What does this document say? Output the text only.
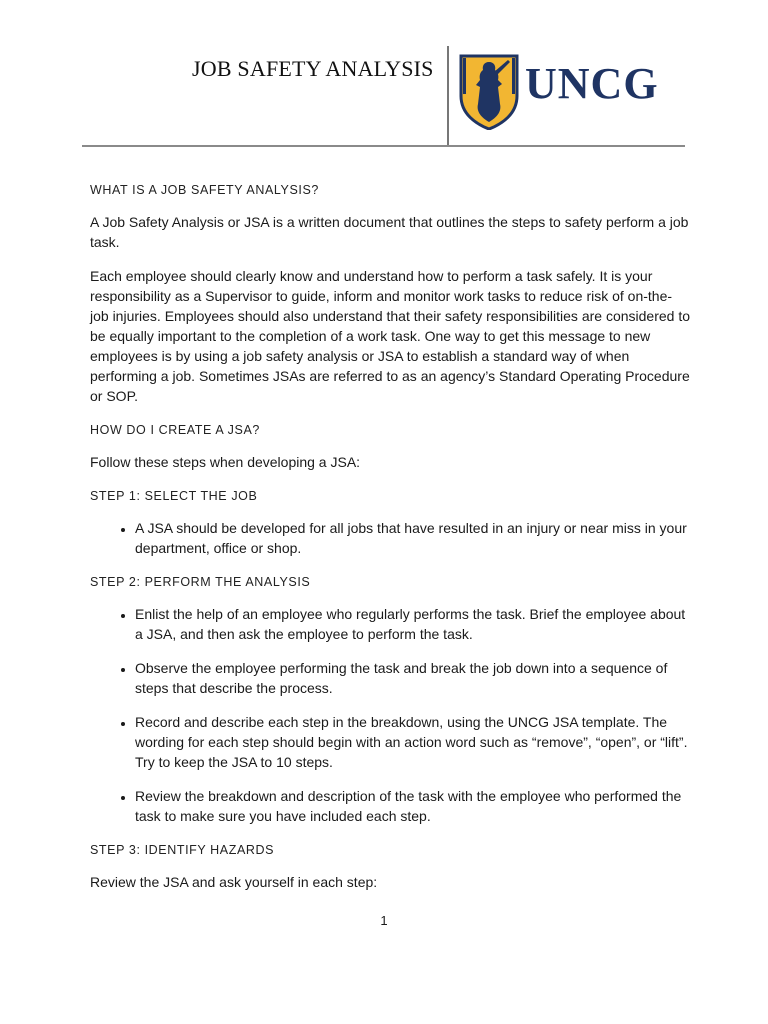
JOB SAFETY ANALYSIS UNCG
WHAT IS A JOB SAFETY ANALYSIS?

A Job Safety Analysis or JSA is a written document that outlines the steps to safety perform a job task.

Each employee should clearly know and understand how to perform a task safely. It is your responsibility as a Supervisor to guide, inform and monitor work tasks to reduce risk of on-the-job injuries. Employees should also understand that their safety responsibilities are considered to be equally important to the completion of a work task. One way to get this message to new employees is by using a job safety analysis or JSA to establish a standard way of when performing a job. Sometimes JSAs are referred to as an agency’s Standard Operating Procedure or SOP.

HOW DO I CREATE A JSA?

Follow these steps when developing a JSA:

STEP 1: SELECT THE JOB
• A JSA should be developed for all jobs that have resulted in an injury or near miss in your department, office or shop.
STEP 2: PERFORM THE ANALYSIS
• Enlist the help of an employee who regularly performs the task. Brief the employee about a JSA, and then ask the employee to perform the task.
• Observe the employee performing the task and break the job down into a sequence of steps that describe the process.
• Record and describe each step in the breakdown, using the UNCG JSA template. The wording for each step should begin with an action word such as “remove”, “open”, or “lift”. Try to keep the JSA to 10 steps.
• Review the breakdown and description of the task with the employee who performed the task to make sure you have included each step.
STEP 3: IDENTIFY HAZARDS

Review the JSA and ask yourself in each step:

1
